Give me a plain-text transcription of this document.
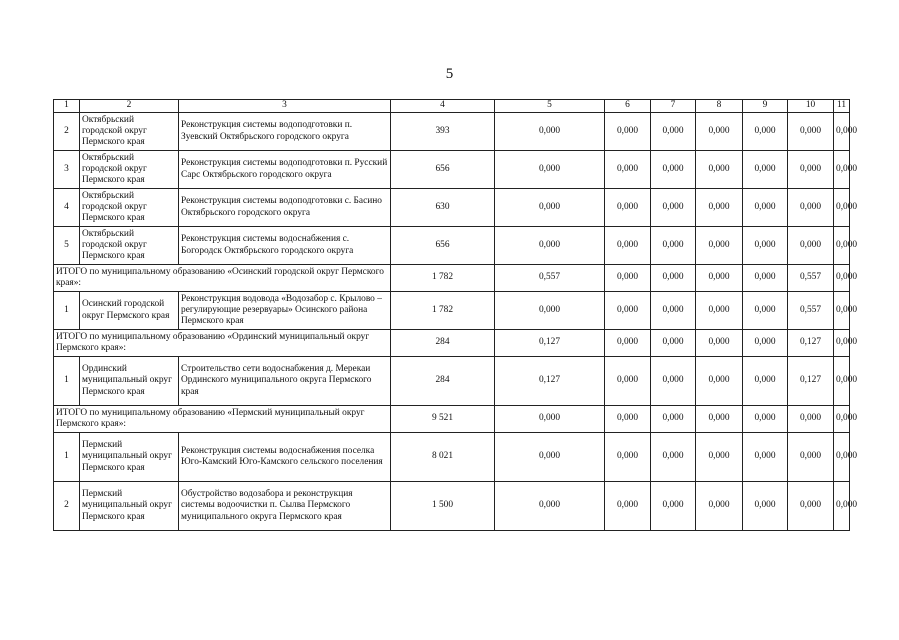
5
1	2	3	4	5	6	7	8	9	10	11
2	Октябрьский городской округ Пермского края	Реконструкция системы водоподготовки п. Зуевский Октябрьского городского округа	393	0,000	0,000	0,000	0,000	0,000	0,000	0,000
3	Октябрьский городской округ Пермского края	Реконструкция системы водоподготовки п. Русский Сарс Октябрьского городского округа	656	0,000	0,000	0,000	0,000	0,000	0,000	0,000
4	Октябрьский городской округ Пермского края	Реконструкция системы водоподготовки с. Басино Октябрьского городского округа	630	0,000	0,000	0,000	0,000	0,000	0,000	0,000
5	Октябрьский городской округ Пермского края	Реконструкция системы водоснабжения с. Богородск Октябрьского городского округа	656	0,000	0,000	0,000	0,000	0,000	0,000	0,000
ИТОГО по муниципальному образованию «Осинский городской округ Пермского края»:			1 782	0,557	0,000	0,000	0,000	0,000	0,557	0,000
1	Осинский городской округ Пермского края	Реконструкция водовода «Водозабор с. Крылово – регулирующие резервуары» Осинского района Пермского края	1 782	0,000	0,000	0,000	0,000	0,000	0,557	0,000
ИТОГО по муниципальному образованию «Ординский муниципальный округ Пермского края»:			284	0,127	0,000	0,000	0,000	0,000	0,127	0,000
1	Ординский муниципальный округ Пермского края	Строительство сети водоснабжения д. Мерекаи Ординского муниципального округа Пермского края	284	0,127	0,000	0,000	0,000	0,000	0,127	0,000
ИТОГО по муниципальному образованию «Пермский муниципальный округ Пермского края»:			9 521	0,000	0,000	0,000	0,000	0,000	0,000	0,000
1	Пермский муниципальный округ Пермского края	Реконструкция системы водоснабжения поселка Юго-Камский Юго-Камского сельского поселения	8 021	0,000	0,000	0,000	0,000	0,000	0,000	0,000
2	Пермский муниципальный округ Пермского края	Обустройство водозабора и реконструкция системы водоочистки п. Сылва Пермского муниципального округа Пермского края	1 500	0,000	0,000	0,000	0,000	0,000	0,000	0,000
